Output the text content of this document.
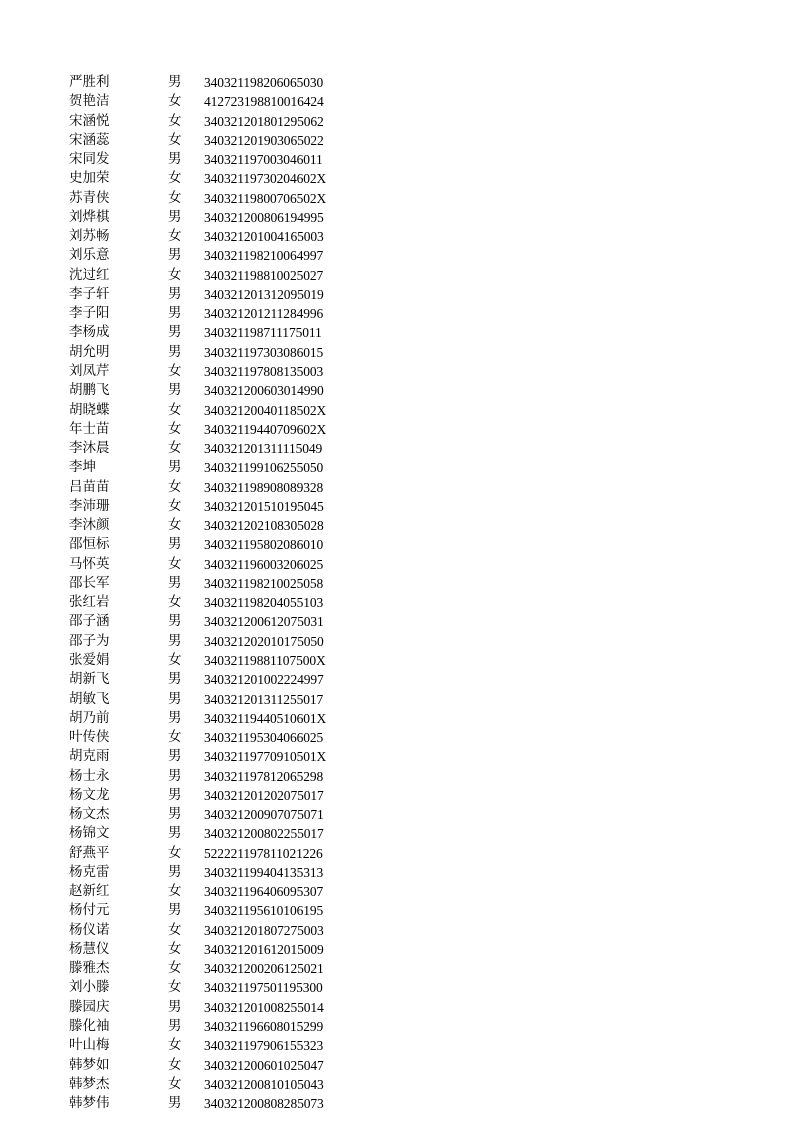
严胜利	男	340321198206065030
贺艳洁	女	412723198810016424
宋涵悦	女	340321201801295062
宋涵蕊	女	340321201903065022
宋同发	男	340321197003046011
史加荣	女	34032119730204602X
苏青侠	女	34032119800706502X
刘烨棋	男	340321200806194995
刘苏畅	女	340321201004165003
刘乐意	男	340321198210064997
沈过红	女	340321198810025027
李子轩	男	340321201312095019
李子阳	男	340321201211284996
李杨成	男	340321198711175011
胡允明	男	340321197303086015
刘凤芹	女	340321197808135003
胡鹏飞	男	340321200603014990
胡晓蝶	女	34032120040118502X
年士苗	女	34032119440709602X
李沐晨	女	340321201311115049
李坤	男	340321199106255050
吕苗苗	女	340321198908089328
李沛珊	女	340321201510195045
李沐颜	女	340321202108305028
邵恒标	男	340321195802086010
马怀英	女	340321196003206025
邵长军	男	340321198210025058
张红岩	女	340321198204055103
邵子涵	男	340321200612075031
邵子为	男	340321202010175050
张爱娟	女	34032119881107500X
胡新飞	男	340321201002224997
胡敏飞	男	340321201311255017
胡乃前	男	34032119440510601X
叶传侠	女	340321195304066025
胡克雨	男	34032119770910501X
杨士永	男	340321197812065298
杨文龙	男	340321201202075017
杨文杰	男	340321200907075071
杨锦文	男	340321200802255017
舒燕平	女	522221197811021226
杨克雷	男	340321199404135313
赵新红	女	340321196406095307
杨付元	男	340321195610106195
杨仪诺	女	340321201807275003
杨慧仪	女	340321201612015009
滕雅杰	女	340321200206125021
刘小滕	女	340321197501195300
滕园庆	男	340321201008255014
滕化袖	男	340321196608015299
叶山梅	女	340321197906155323
韩梦如	女	340321200601025047
韩梦杰	女	340321200810105043
韩梦伟	男	340321200808285073
